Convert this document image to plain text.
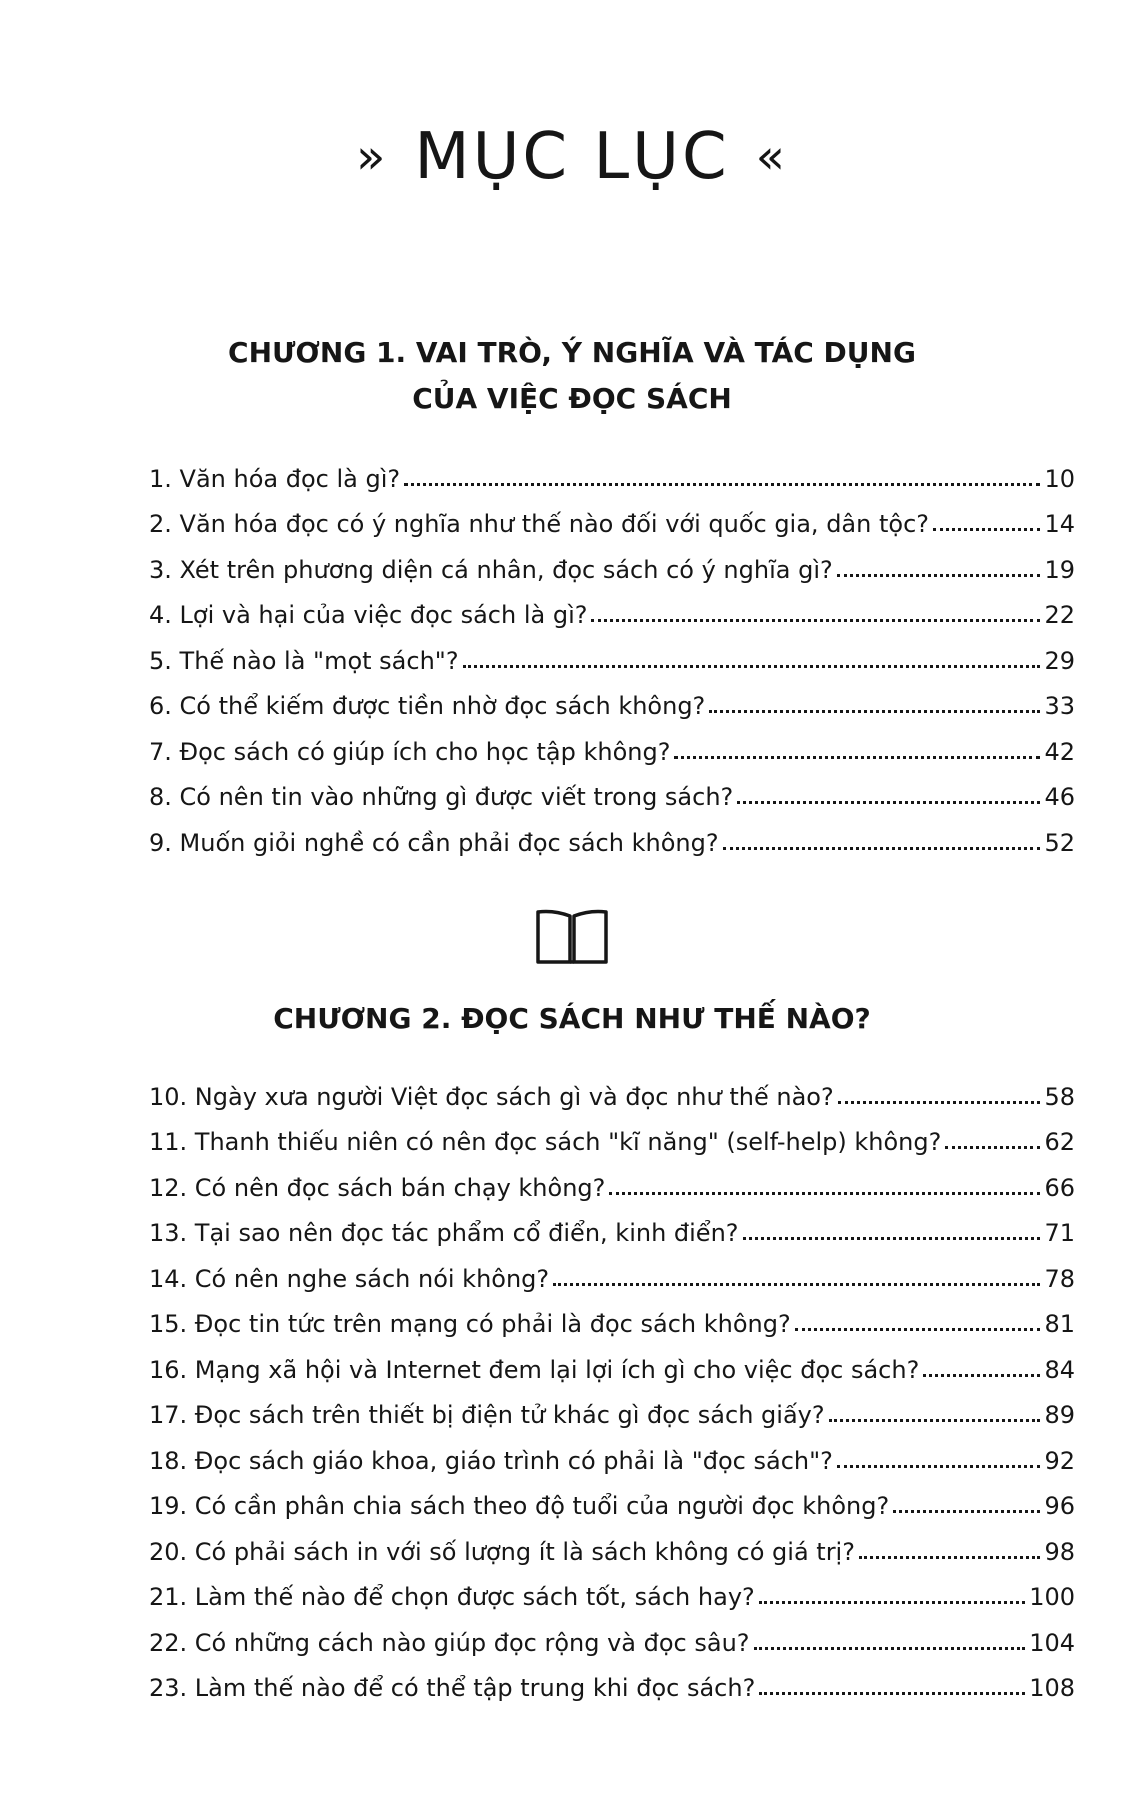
» MỤC LỤC «
CHƯƠNG 1. VAI TRÒ, Ý NGHĨA VÀ TÁC DỤNG
CỦA VIỆC ĐỌC SÁCH
1. Văn hóa đọc là gì?	10
2. Văn hóa đọc có ý nghĩa như thế nào đối với quốc gia, dân tộc?	14
3. Xét trên phương diện cá nhân, đọc sách có ý nghĩa gì?	19
4. Lợi và hại của việc đọc sách là gì?	22
5. Thế nào là "mọt sách"?	29
6. Có thể kiếm được tiền nhờ đọc sách không?	33
7. Đọc sách có giúp ích cho học tập không?	42
8. Có nên tin vào những gì được viết trong sách?	46
9. Muốn giỏi nghề có cần phải đọc sách không?	52
CHƯƠNG 2. ĐỌC SÁCH NHƯ THẾ NÀO?
10. Ngày xưa người Việt đọc sách gì và đọc như thế nào?	58
11. Thanh thiếu niên có nên đọc sách "kĩ năng" (self-help) không?	62
12. Có nên đọc sách bán chạy không?	66
13. Tại sao nên đọc tác phẩm cổ điển, kinh điển?	71
14. Có nên nghe sách nói không?	78
15. Đọc tin tức trên mạng có phải là đọc sách không?	81
16. Mạng xã hội và Internet đem lại lợi ích gì cho việc đọc sách?	84
17. Đọc sách trên thiết bị điện tử khác gì đọc sách giấy?	89
18. Đọc sách giáo khoa, giáo trình có phải là "đọc sách"?	92
19. Có cần phân chia sách theo độ tuổi của người đọc không?	96
20. Có phải sách in với số lượng ít là sách không có giá trị?	98
21. Làm thế nào để chọn được sách tốt, sách hay?	100
22. Có những cách nào giúp đọc rộng và đọc sâu?	104
23. Làm thế nào để có thể tập trung khi đọc sách?	108
